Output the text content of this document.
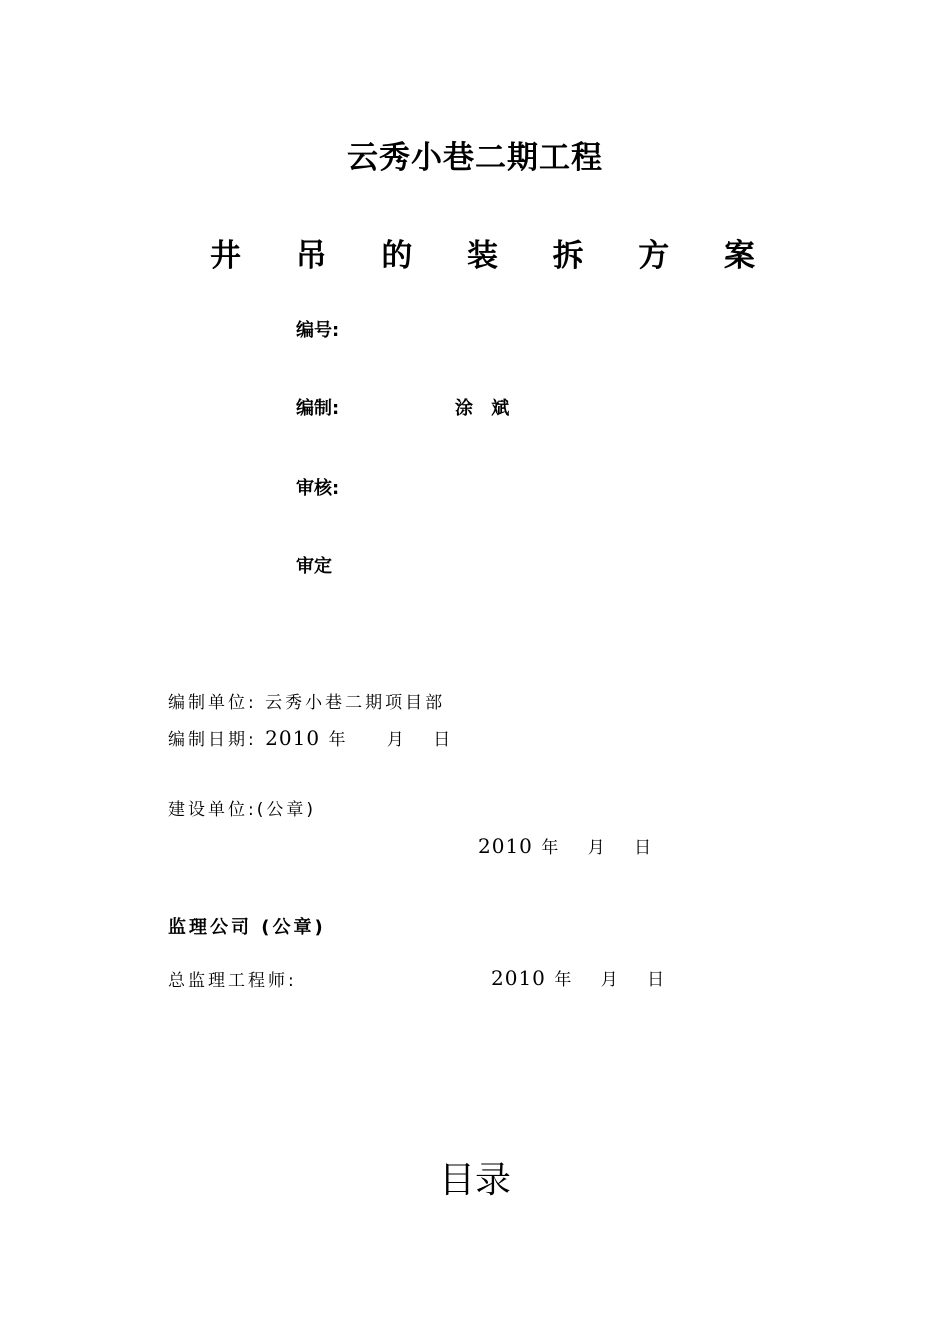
云秀小巷二期工程
井 吊 的 装 拆 方 案
编号:
编制:	涂 斌
审核:
审定
编制单位: 云秀小巷二期项目部
编制日期: 2010 年 月 日
建设单位:(公章)
2010 年 月 日
监理公司 (公章)
总监理工程师:	2010 年 月 日
目录
